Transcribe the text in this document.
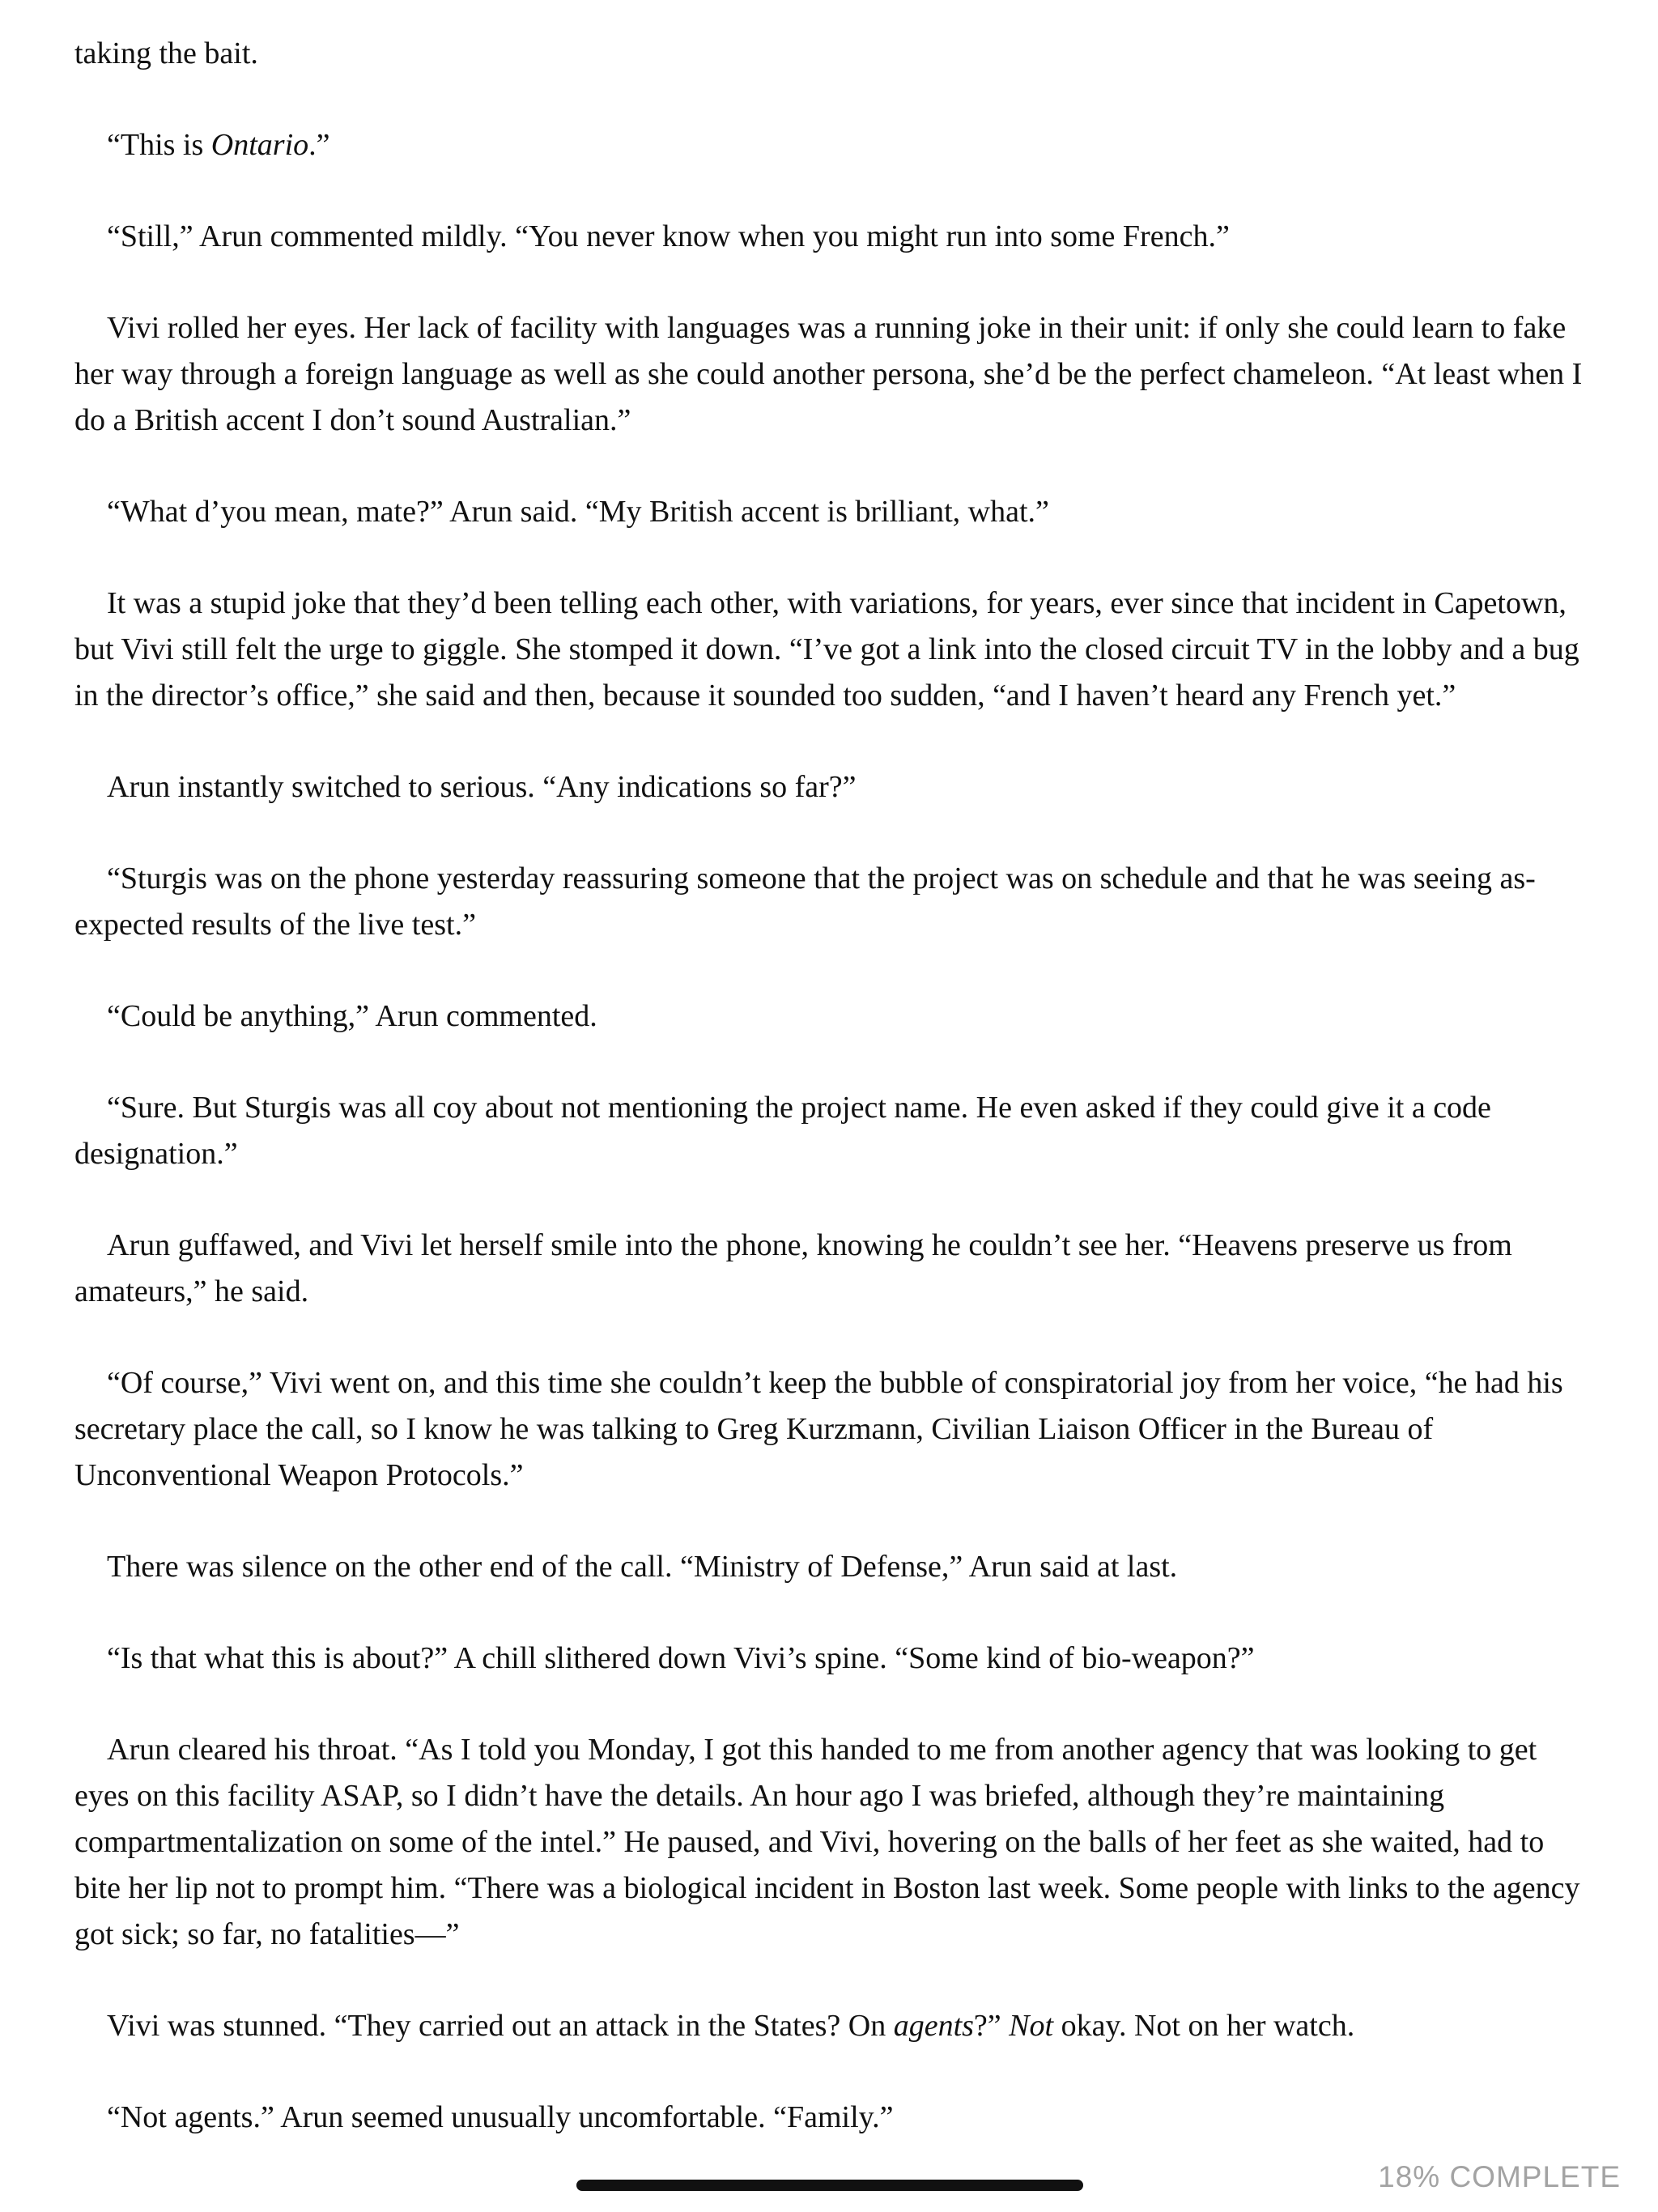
taking the bait.

“This is Ontario.”

“Still,” Arun commented mildly. “You never know when you might run into some French.”

Vivi rolled her eyes. Her lack of facility with languages was a running joke in their unit: if only she could learn to fake her way through a foreign language as well as she could another persona, she’d be the perfect chameleon. “At least when I do a British accent I don’t sound Australian.”

“What d’you mean, mate?” Arun said. “My British accent is brilliant, what.”

It was a stupid joke that they’d been telling each other, with variations, for years, ever since that incident in Capetown, but Vivi still felt the urge to giggle. She stomped it down. “I’ve got a link into the closed circuit TV in the lobby and a bug in the director’s office,” she said and then, because it sounded too sudden, “and I haven’t heard any French yet.”

Arun instantly switched to serious. “Any indications so far?”

“Sturgis was on the phone yesterday reassuring someone that the project was on schedule and that he was seeing as-expected results of the live test.”

“Could be anything,” Arun commented.

“Sure. But Sturgis was all coy about not mentioning the project name. He even asked if they could give it a code designation.”

Arun guffawed, and Vivi let herself smile into the phone, knowing he couldn’t see her. “Heavens preserve us from amateurs,” he said.

“Of course,” Vivi went on, and this time she couldn’t keep the bubble of conspiratorial joy from her voice, “he had his secretary place the call, so I know he was talking to Greg Kurzmann, Civilian Liaison Officer in the Bureau of Unconventional Weapon Protocols.”

There was silence on the other end of the call. “Ministry of Defense,” Arun said at last.

“Is that what this is about?” A chill slithered down Vivi’s spine. “Some kind of bio-weapon?”

Arun cleared his throat. “As I told you Monday, I got this handed to me from another agency that was looking to get eyes on this facility ASAP, so I didn’t have the details. An hour ago I was briefed, although they’re maintaining compartmentalization on some of the intel.” He paused, and Vivi, hovering on the balls of her feet as she waited, had to bite her lip not to prompt him. “There was a biological incident in Boston last week. Some people with links to the agency got sick; so far, no fatalities—”

Vivi was stunned. “They carried out an attack in the States? On agents?” Not okay. Not on her watch.

“Not agents.” Arun seemed unusually uncomfortable. “Family.”

18% COMPLETE
